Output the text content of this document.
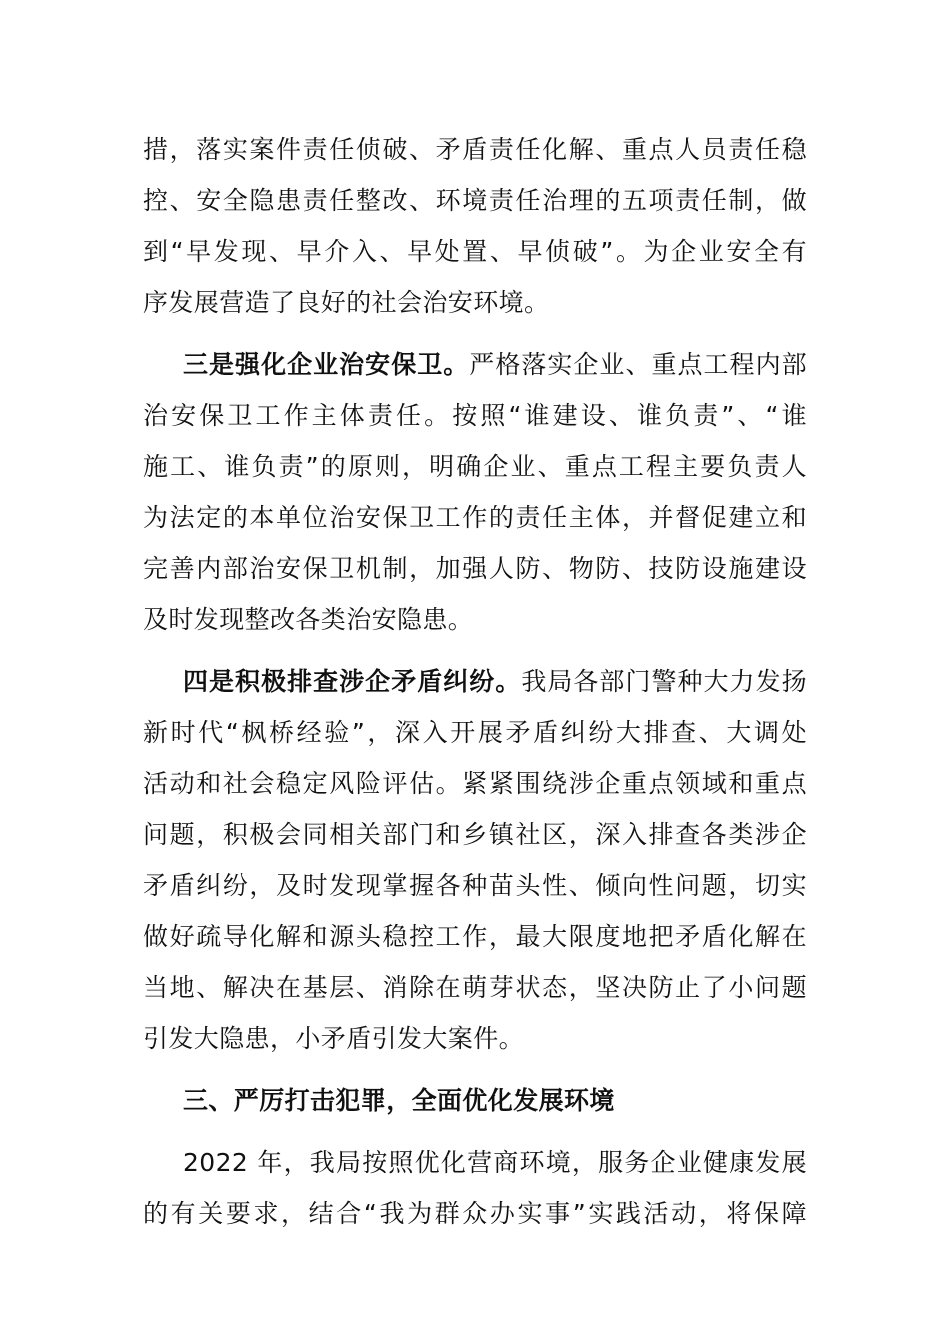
措，落实案件责任侦破、矛盾责任化解、重点人员责任稳
控、安全隐患责任整改、环境责任治理的五项责任制，做
到“早发现、早介入、早处置、早侦破”。为企业安全有
序发展营造了良好的社会治安环境。
三是强化企业治安保卫。严格落实企业、重点工程内部
治安保卫工作主体责任。按照“谁建设、谁负责”、“谁
施工、谁负责”的原则，明确企业、重点工程主要负责人
为法定的本单位治安保卫工作的责任主体，并督促建立和
完善内部治安保卫机制，加强人防、物防、技防设施建设
及时发现整改各类治安隐患。
四是积极排查涉企矛盾纠纷。我局各部门警种大力发扬
新时代“枫桥经验”，深入开展矛盾纠纷大排查、大调处
活动和社会稳定风险评估。紧紧围绕涉企重点领域和重点
问题，积极会同相关部门和乡镇社区，深入排查各类涉企
矛盾纠纷，及时发现掌握各种苗头性、倾向性问题，切实
做好疏导化解和源头稳控工作，最大限度地把矛盾化解在
当地、解决在基层、消除在萌芽状态，坚决防止了小问题
引发大隐患，小矛盾引发大案件。
三、严厉打击犯罪，全面优化发展环境
2022 年，我局按照优化营商环境，服务企业健康发展
的有关要求，结合“我为群众办实事”实践活动，将保障
